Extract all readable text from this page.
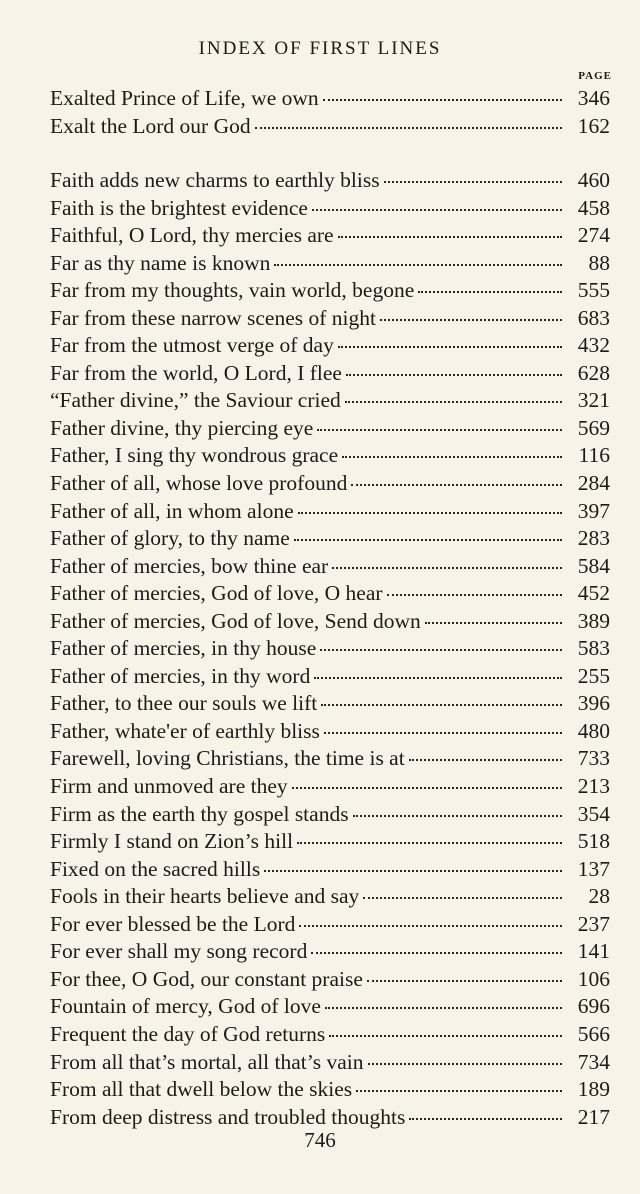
INDEX OF FIRST LINES
PAGE
Exalted Prince of Life, we own	346
Exalt the Lord our God	162
Faith adds new charms to earthly bliss	460
Faith is the brightest evidence	458
Faithful, O Lord, thy mercies are	274
Far as thy name is known	88
Far from my thoughts, vain world, begone	555
Far from these narrow scenes of night	683
Far from the utmost verge of day	432
Far from the world, O Lord, I flee	628
“Father divine,” the Saviour cried	321
Father divine, thy piercing eye	569
Father, I sing thy wondrous grace	116
Father of all, whose love profound	284
Father of all, in whom alone	397
Father of glory, to thy name	283
Father of mercies, bow thine ear	584
Father of mercies, God of love, O hear	452
Father of mercies, God of love, Send down	389
Father of mercies, in thy house	583
Father of mercies, in thy word	255
Father, to thee our souls we lift	396
Father, whate'er of earthly bliss	480
Farewell, loving Christians, the time is at	733
Firm and unmoved are they	213
Firm as the earth thy gospel stands	354
Firmly I stand on Zion’s hill	518
Fixed on the sacred hills	137
Fools in their hearts believe and say	28
For ever blessed be the Lord	237
For ever shall my song record	141
For thee, O God, our constant praise	106
Fountain of mercy, God of love	696
Frequent the day of God returns	566
From all that’s mortal, all that’s vain	734
From all that dwell below the skies	189
From deep distress and troubled thoughts	217
746
